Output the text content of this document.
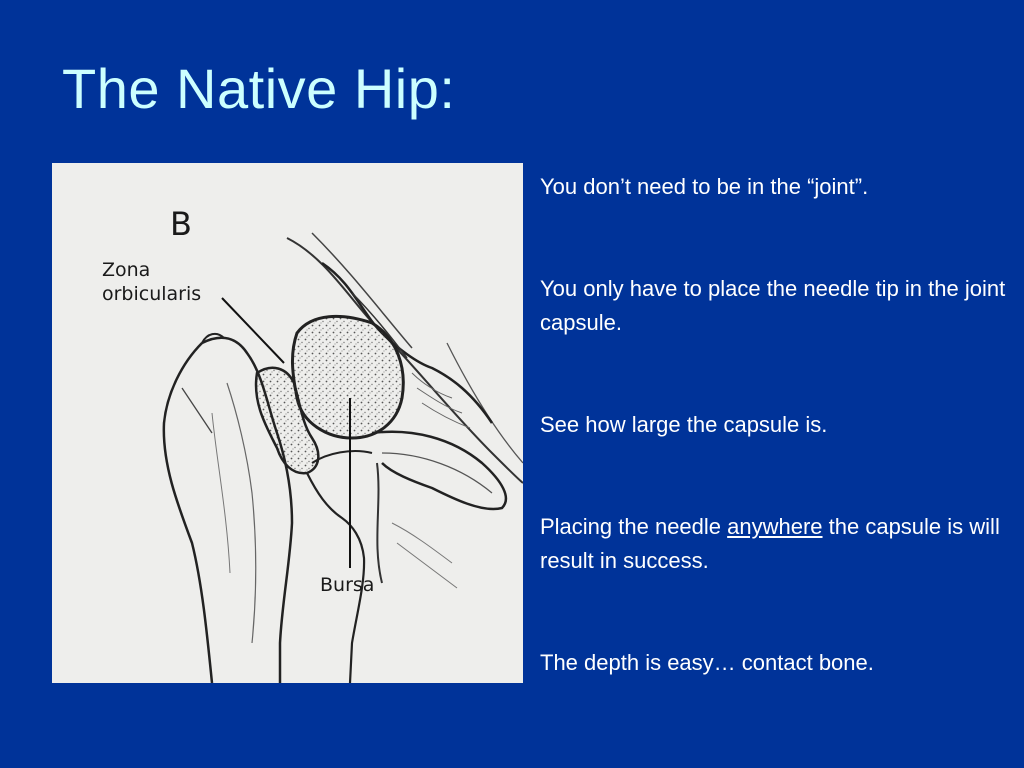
The Native Hip:
B
Zona
orbicularis
Bursa
You don’t need to be in the “joint”.
You only have to place the needle tip in the joint capsule.
See how large the capsule is.
Placing the needle anywhere the capsule is will result in success.
The depth is easy… contact bone.
